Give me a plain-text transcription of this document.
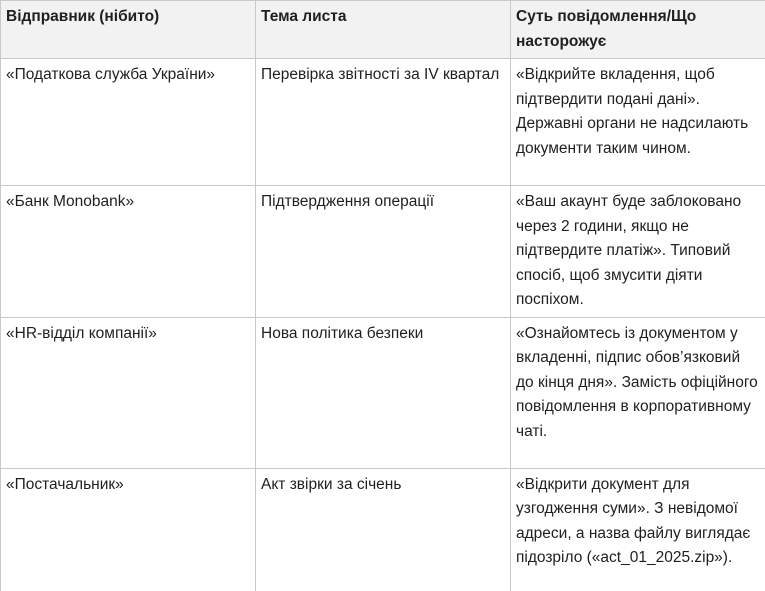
Відправник (нібито)	Тема листа	Суть повідомлення/Що насторожує
«Податкова служба України»	Перевірка звітності за IV квартал	«Відкрийте вкладення, щоб підтвердити подані дані». Державні органи не надсилають документи таким чином.
«Банк Monobank»	Підтвердження операції	«Ваш акаунт буде заблоковано через 2 години, якщо не підтвердите платіж». Типовий спосіб, щоб змусити діяти поспіхом.
«HR-відділ компанії»	Нова політика безпеки	«Ознайомтесь із документом у вкладенні, підпис обов’язковий до кінця дня». Замість офіційного повідомлення в корпоративному чаті.
«Постачальник»	Акт звірки за січень	«Відкрити документ для узгодження суми». З невідомої адреси, а назва файлу виглядає підозріло («act_01_2025.zip»).
